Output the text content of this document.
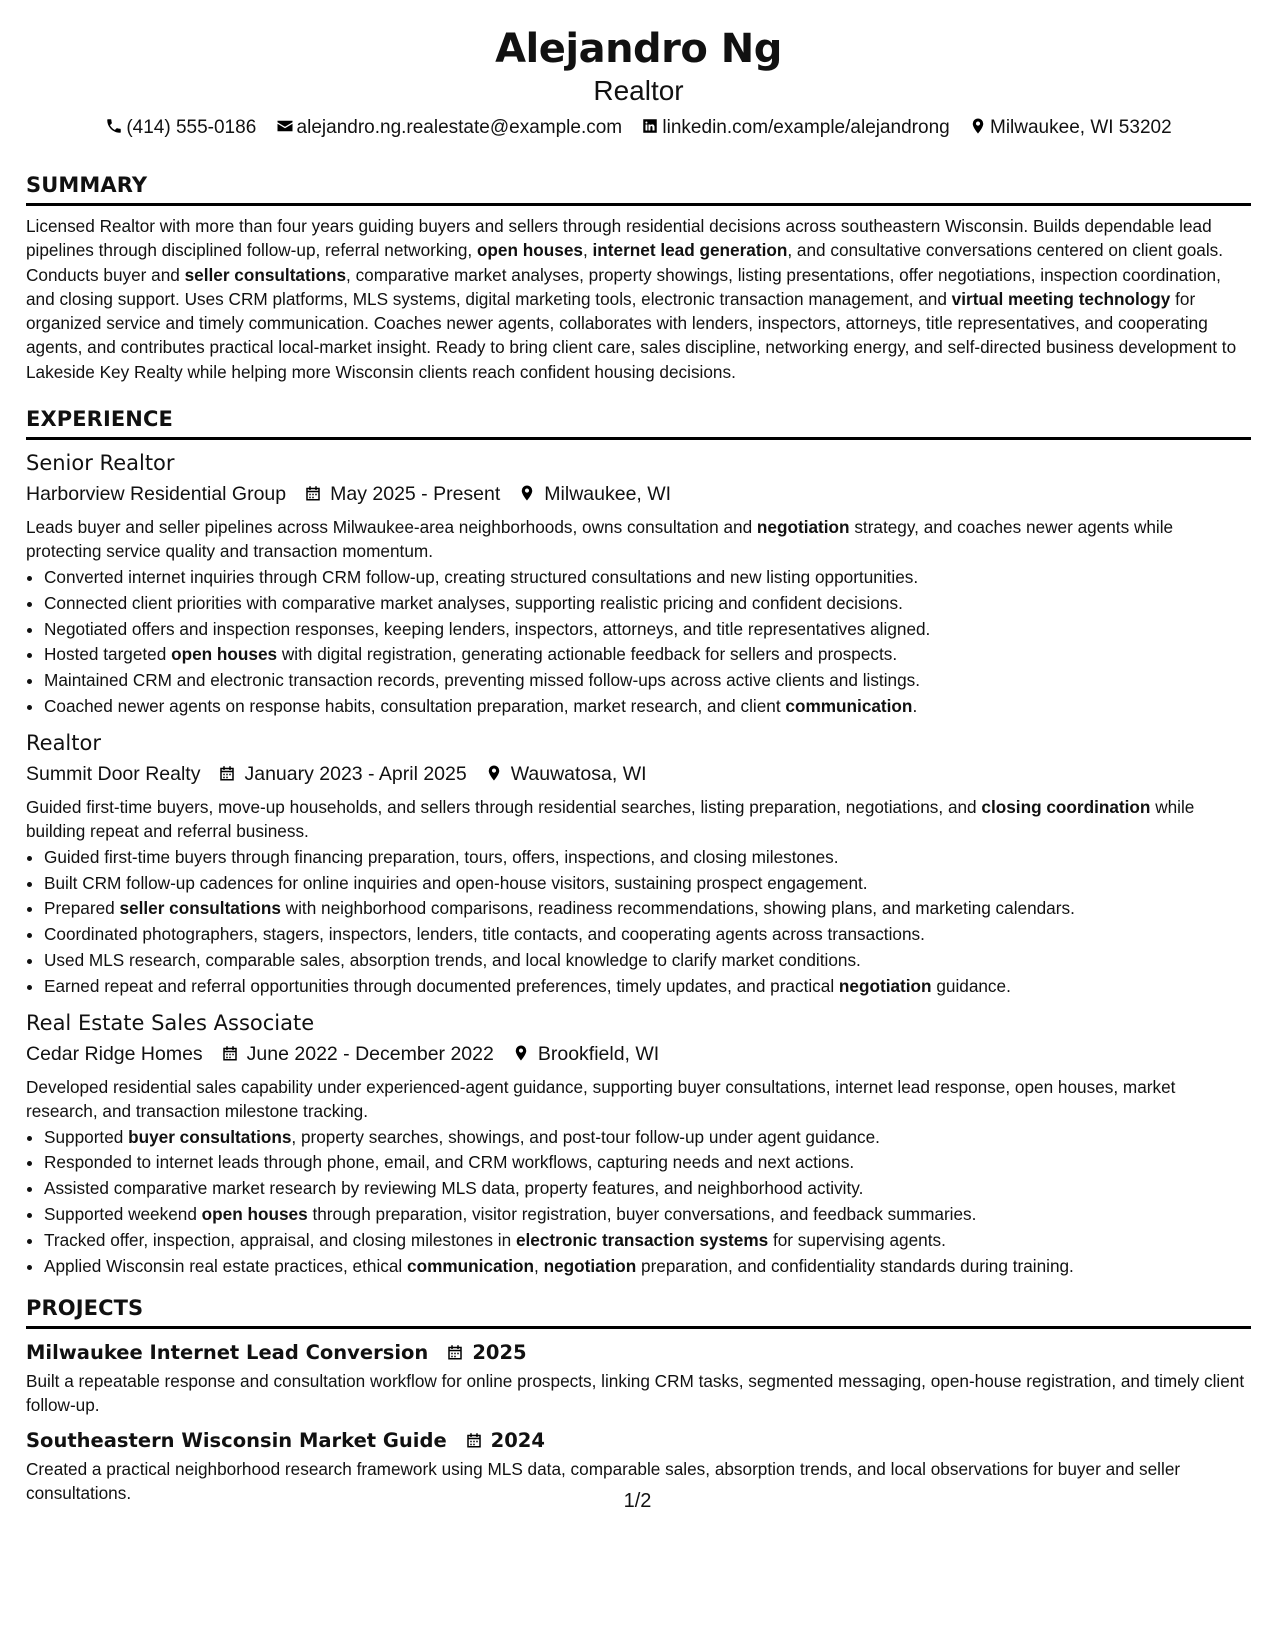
Alejandro Ng
Realtor
(414) 555-0186 alejandro.ng.realestate@example.com linkedin.com/example/alejandrong Milwaukee, WI 53202
SUMMARY
Licensed Realtor with more than four years guiding buyers and sellers through residential decisions across southeastern Wisconsin. Builds dependable lead pipelines through disciplined follow-up, referral networking, open houses, internet lead generation, and consultative conversations centered on client goals. Conducts buyer and seller consultations, comparative market analyses, property showings, listing presentations, offer negotiations, inspection coordination, and closing support. Uses CRM platforms, MLS systems, digital marketing tools, electronic transaction management, and virtual meeting technology for organized service and timely communication. Coaches newer agents, collaborates with lenders, inspectors, attorneys, title representatives, and cooperating agents, and contributes practical local-market insight. Ready to bring client care, sales discipline, networking energy, and self-directed business development to Lakeside Key Realty while helping more Wisconsin clients reach confident housing decisions.
EXPERIENCE
Senior Realtor
Harborview Residential Group May 2025 - Present Milwaukee, WI
Leads buyer and seller pipelines across Milwaukee-area neighborhoods, owns consultation and negotiation strategy, and coaches newer agents while protecting service quality and transaction momentum.
• Converted internet inquiries through CRM follow-up, creating structured consultations and new listing opportunities.
• Connected client priorities with comparative market analyses, supporting realistic pricing and confident decisions.
• Negotiated offers and inspection responses, keeping lenders, inspectors, attorneys, and title representatives aligned.
• Hosted targeted open houses with digital registration, generating actionable feedback for sellers and prospects.
• Maintained CRM and electronic transaction records, preventing missed follow-ups across active clients and listings.
• Coached newer agents on response habits, consultation preparation, market research, and client communication.
Realtor
Summit Door Realty January 2023 - April 2025 Wauwatosa, WI
Guided first-time buyers, move-up households, and sellers through residential searches, listing preparation, negotiations, and closing coordination while building repeat and referral business.
• Guided first-time buyers through financing preparation, tours, offers, inspections, and closing milestones.
• Built CRM follow-up cadences for online inquiries and open-house visitors, sustaining prospect engagement.
• Prepared seller consultations with neighborhood comparisons, readiness recommendations, showing plans, and marketing calendars.
• Coordinated photographers, stagers, inspectors, lenders, title contacts, and cooperating agents across transactions.
• Used MLS research, comparable sales, absorption trends, and local knowledge to clarify market conditions.
• Earned repeat and referral opportunities through documented preferences, timely updates, and practical negotiation guidance.
Real Estate Sales Associate
Cedar Ridge Homes June 2022 - December 2022 Brookfield, WI
Developed residential sales capability under experienced-agent guidance, supporting buyer consultations, internet lead response, open houses, market research, and transaction milestone tracking.
• Supported buyer consultations, property searches, showings, and post-tour follow-up under agent guidance.
• Responded to internet leads through phone, email, and CRM workflows, capturing needs and next actions.
• Assisted comparative market research by reviewing MLS data, property features, and neighborhood activity.
• Supported weekend open houses through preparation, visitor registration, buyer conversations, and feedback summaries.
• Tracked offer, inspection, appraisal, and closing milestones in electronic transaction systems for supervising agents.
• Applied Wisconsin real estate practices, ethical communication, negotiation preparation, and confidentiality standards during training.
PROJECTS
Milwaukee Internet Lead Conversion 2025
Built a repeatable response and consultation workflow for online prospects, linking CRM tasks, segmented messaging, open-house registration, and timely client follow-up.
Southeastern Wisconsin Market Guide 2024
Created a practical neighborhood research framework using MLS data, comparable sales, absorption trends, and local observations for buyer and seller consultations.	1/2
